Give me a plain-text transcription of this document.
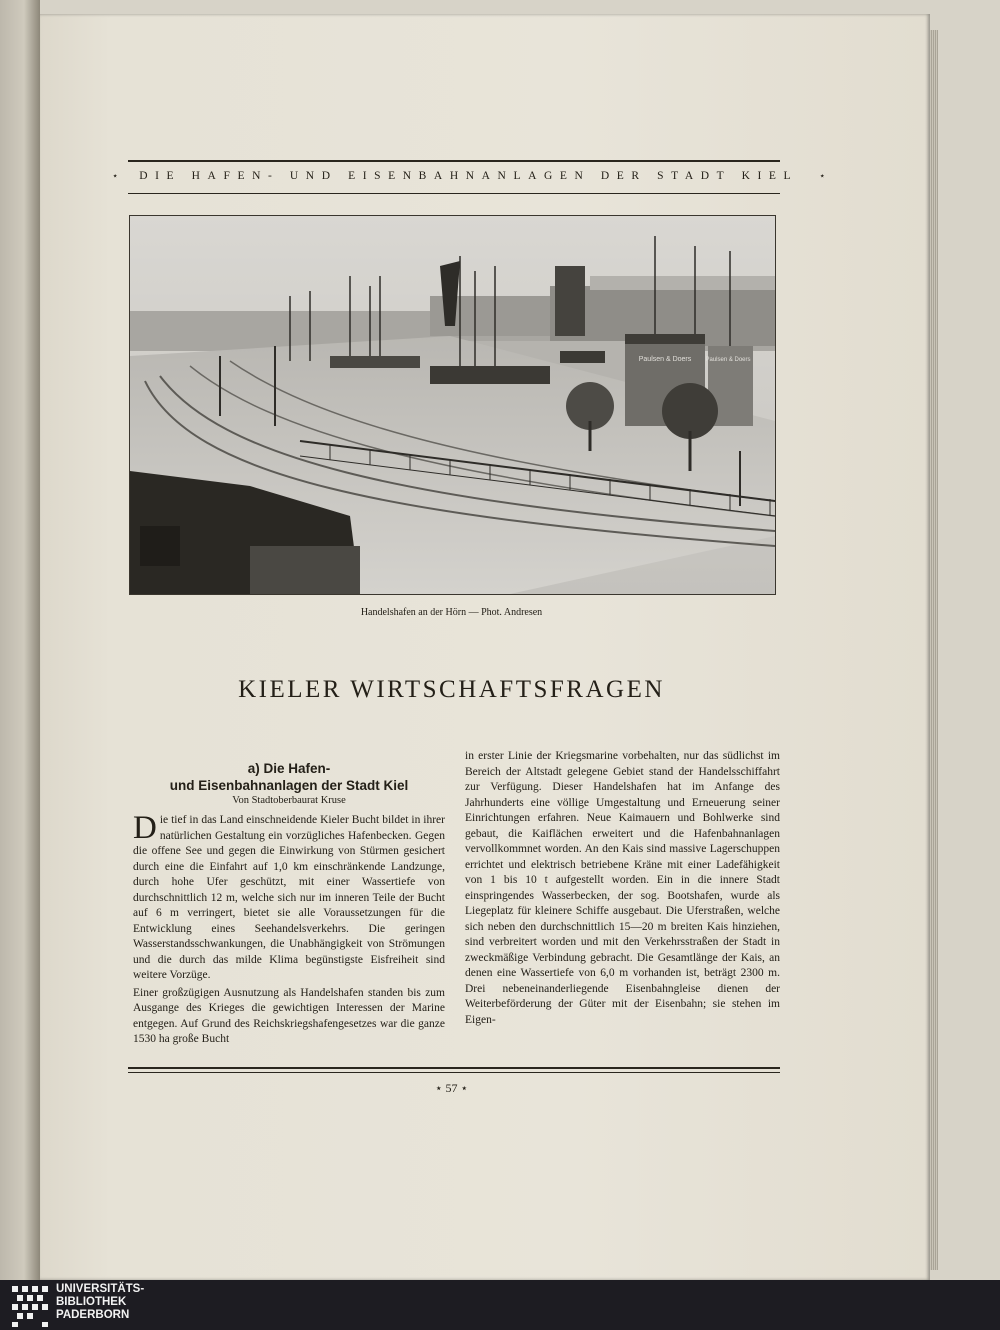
⋆ DIE HAFEN- UND EISENBAHNANLAGEN DER STADT KIEL ⋆
Paulsen & Doers Paulsen & Doers
Handelshafen an der Hörn — Phot. Andresen
KIELER WIRTSCHAFTSFRAGEN
a) Die Hafen-
und Eisenbahnanlagen der Stadt Kiel
Von Stadtoberbaurat Kruse

Die tief in das Land einschneidende Kieler Bucht bildet in ihrer natürlichen Gestaltung ein vorzügliches Hafenbecken. Gegen die offene See und gegen die Einwirkung von Stürmen gesichert durch eine die Einfahrt auf 1,0 km einschränkende Landzunge, durch hohe Ufer geschützt, mit einer Wassertiefe von durchschnittlich 12 m, welche sich nur im inneren Teile der Bucht auf 6 m verringert, bietet sie alle Voraussetzungen für die Entwicklung eines Seehandelsverkehrs. Die geringen Wasserstandsschwankungen, die Unabhängigkeit von Strömungen und die durch das milde Klima begünstigste Eisfreiheit sind weitere Vorzüge.

Einer großzügigen Ausnutzung als Handelshafen standen bis zum Ausgange des Krieges die gewichtigen Interessen der Marine entgegen. Auf Grund des Reichskriegshafengesetzes war die ganze 1530 ha große Bucht

in erster Linie der Kriegsmarine vorbehalten, nur das südlichst im Bereich der Altstadt gelegene Gebiet stand der Handelsschiffahrt zur Verfügung. Dieser Handelshafen hat im Anfange des Jahrhunderts eine völlige Umgestaltung und Erneuerung seiner Einrichtungen erfahren. Neue Kaimauern und Bohlwerke sind gebaut, die Kaiflächen erweitert und die Hafenbahnanlagen vervollkommnet worden. An den Kais sind massive Lagerschuppen errichtet und elektrisch betriebene Kräne mit einer Ladefähigkeit von 1 bis 10 t aufgestellt worden. Ein in die innere Stadt einspringendes Wasserbecken, der sog. Bootshafen, wurde als Liegeplatz für kleinere Schiffe ausgebaut. Die Uferstraßen, welche sich neben den durchschnittlich 15—20 m breiten Kais hinziehen, sind verbreitert worden und mit den Verkehrsstraßen der Stadt in zweckmäßige Verbindung gebracht. Die Gesamtlänge der Kais, an denen eine Wassertiefe von 6,0 m vorhanden ist, beträgt 2300 m. Drei nebeneinanderliegende Eisenbahngleise dienen der Weiterbeförderung der Güter mit der Eisenbahn; sie stehen im Eigen-

⋆ 57 ⋆
UNIVERSITÄTS-
BIBLIOTHEK
PADERBORN
